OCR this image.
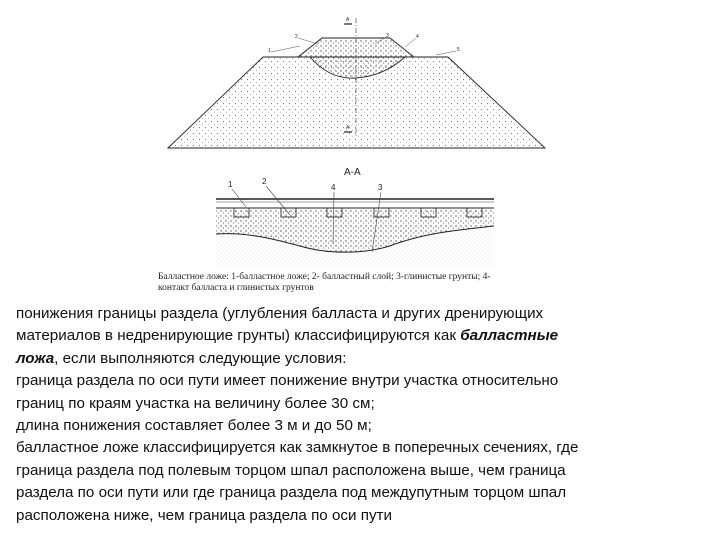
А
А
1
2	3	4
5
А-А
1	2
4	3

Балластное ложе: 1-балластное ложе; 2- балластный слой; 3-глинистые грунты; 4-
контакт балласта и глинистых грунтов

понижения границы раздела (углубления балласта и других дренирующих

материалов в недренирующие грунты) классифицируются как балластные

ложа, если выполняются следующие условия:

граница раздела по оси пути имеет понижение внутри участка относительно

границ по краям участка на величину более 30 см;

длина понижения составляет более 3 м и до 50 м;

балластное ложе классифицируется как замкнутое в поперечных сечениях, где

граница раздела под полевым торцом шпал расположена выше, чем граница

раздела по оси пути или где граница раздела под междупутным торцом шпал

расположена ниже, чем граница раздела по оси пути
